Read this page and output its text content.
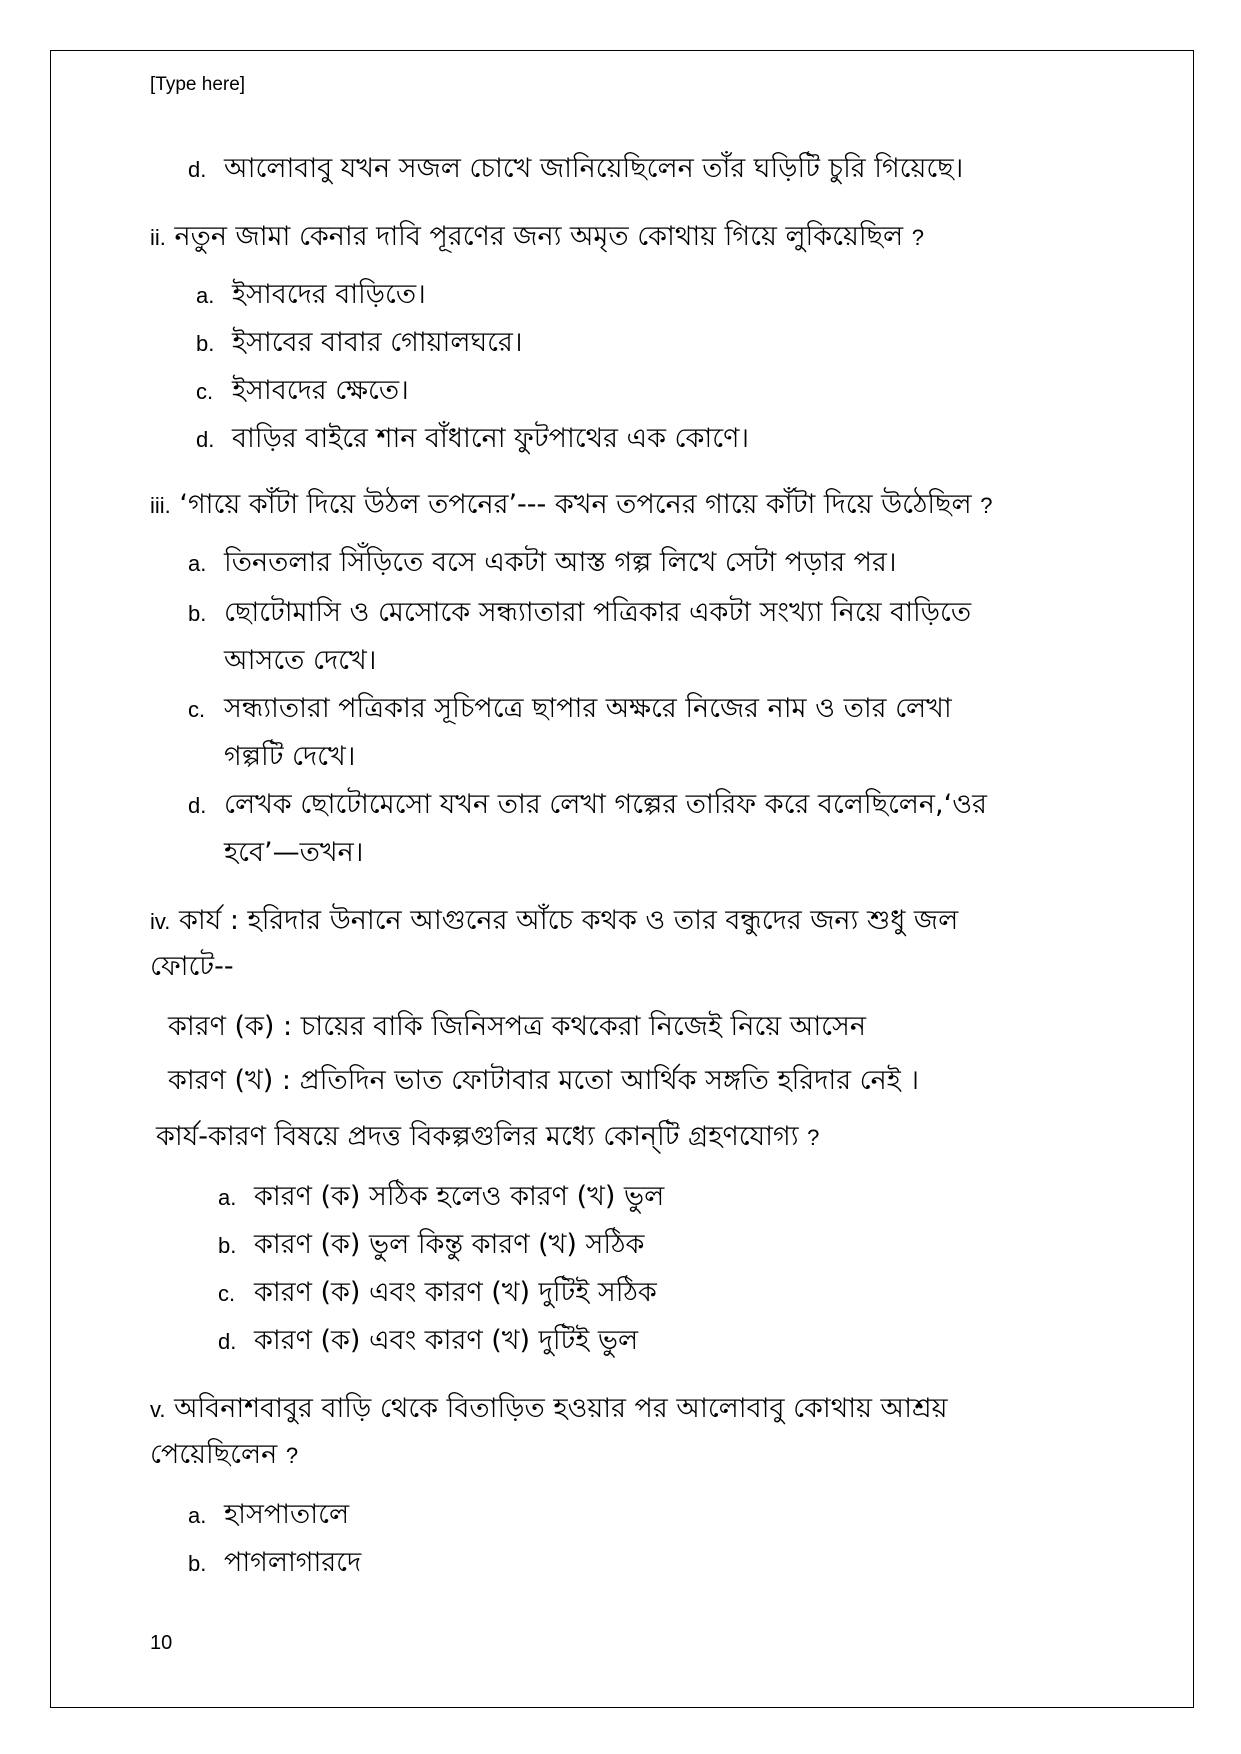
[Type here]
d. আলোবাবু যখন সজল চোখে জানিয়েছিলেন তাঁর ঘড়িটি চুরি গিয়েছে।
ii. নতুন জামা কেনার দাবি পূরণের জন্য অমৃত কোথায় গিয়ে লুকিয়েছিল ?
a. ইসাবদের বাড়িতে।
b. ইসাবের বাবার গোয়ালঘরে।
c. ইসাবদের ক্ষেতে।
d. বাড়ির বাইরে শান বাঁধানো ফুটপাথের এক কোণে।
iii. ‘গায়ে কাঁটা দিয়ে উঠল তপনের’--- কখন তপনের গায়ে কাঁটা দিয়ে উঠেছিল ?
a. তিনতলার সিঁড়িতে বসে একটা আস্ত গল্প লিখে সেটা পড়ার পর।
b. ছোটোমাসি ও মেসোকে সন্ধ্যাতারা পত্রিকার একটা সংখ্যা নিয়ে বাড়িতে
আসতে দেখে।
c. সন্ধ্যাতারা পত্রিকার সূচিপত্রে ছাপার অক্ষরে নিজের নাম ও তার লেখা
গল্পটি দেখে।
d. লেখক ছোটোমেসো যখন তার লেখা গল্পের তারিফ করে বলেছিলেন,‘ওর
হবে’—তখন।
iv. কার্য : হরিদার উনানে আগুনের আঁচে কথক ও তার বন্ধুদের জন্য শুধু জল
ফোটে--
কারণ (ক) : চায়ের বাকি জিনিসপত্র কথকেরা নিজেই নিয়ে আসেন
কারণ (খ) : প্রতিদিন ভাত ফোটাবার মতো আর্থিক সঙ্গতি হরিদার নেই ।
কার্য-কারণ বিষয়ে প্রদত্ত বিকল্পগুলির মধ্যে কোন্‌টি গ্রহণযোগ্য ?
a. কারণ (ক) সঠিক হলেও কারণ (খ) ভুল
b. কারণ (ক) ভুল কিন্তু কারণ (খ) সঠিক
c. কারণ (ক) এবং কারণ (খ) দুটিই সঠিক
d. কারণ (ক) এবং কারণ (খ) দুটিই ভুল
v. অবিনাশবাবুর বাড়ি থেকে বিতাড়িত হওয়ার পর আলোবাবু কোথায় আশ্রয়
পেয়েছিলেন ?
a. হাসপাতালে
b. পাগলাগারদে
10
